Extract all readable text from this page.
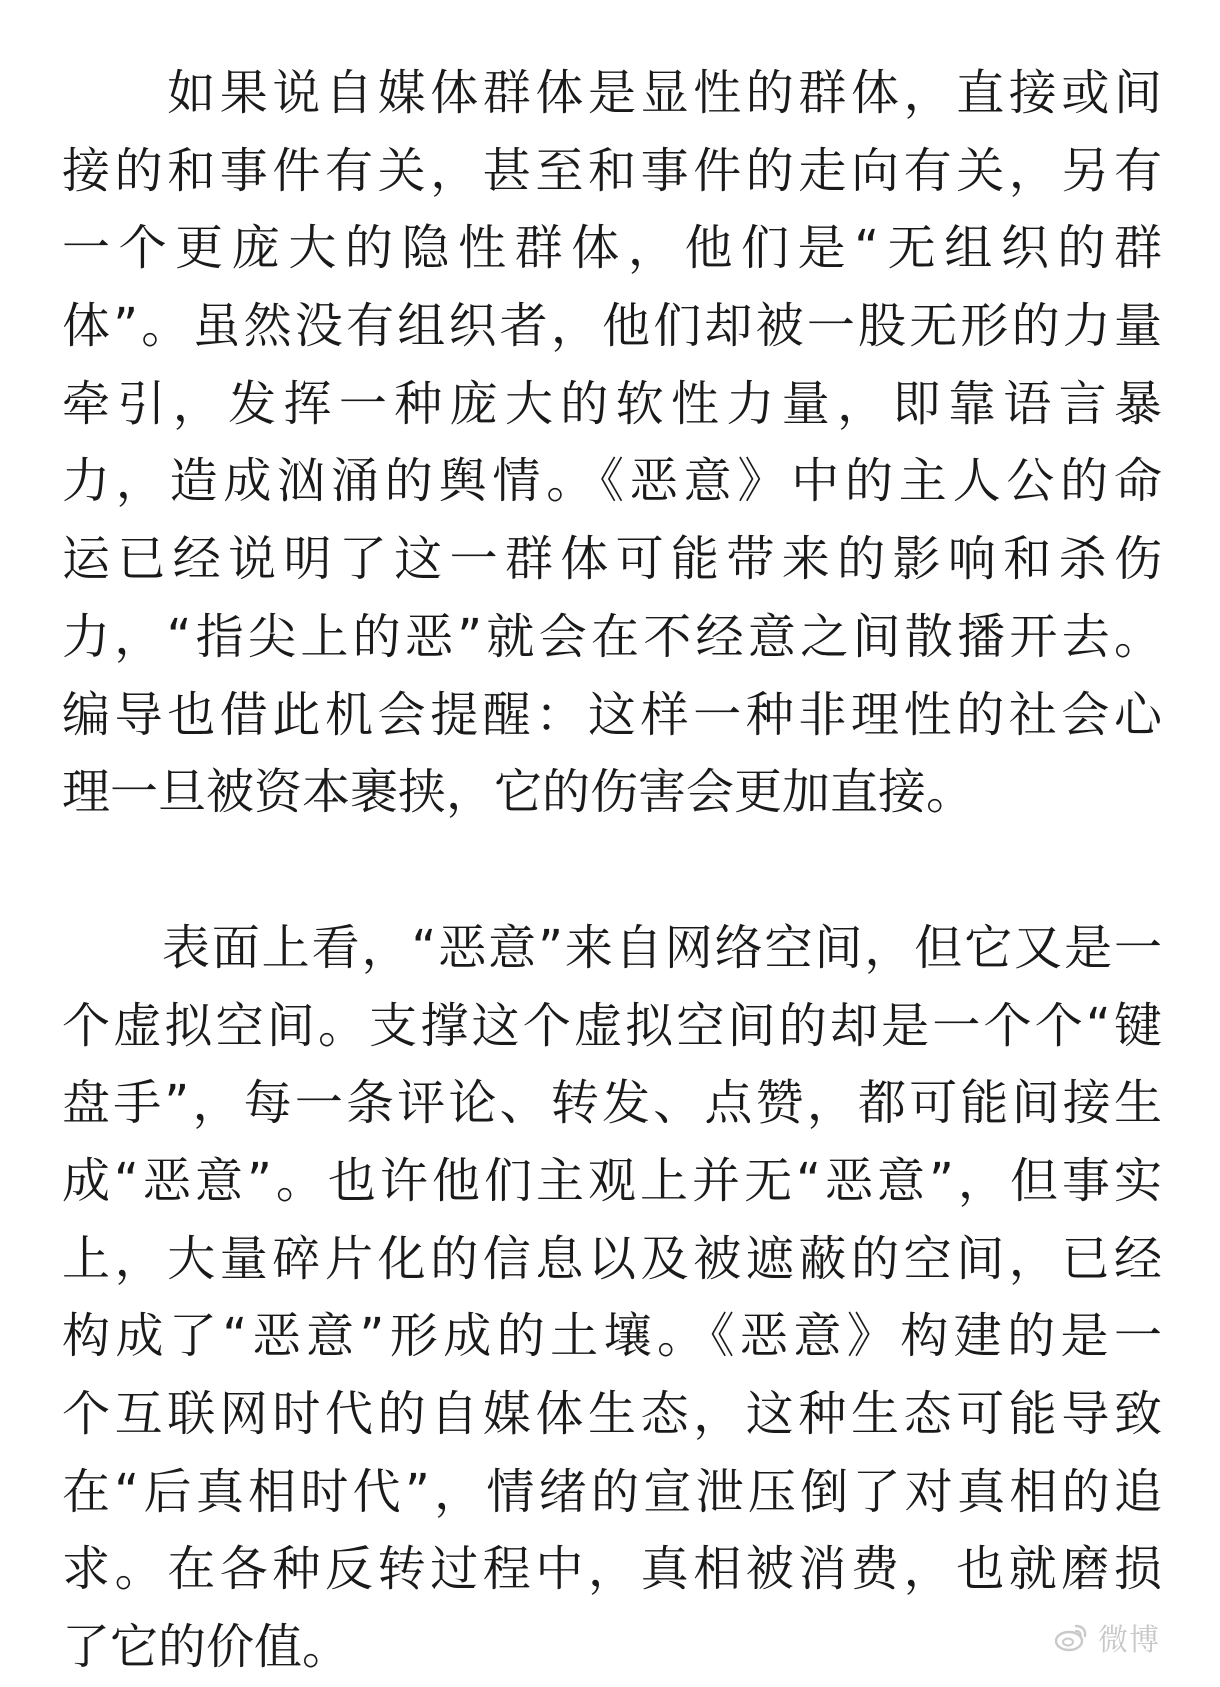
　　如果说自媒体群体是显性的群体，直接或间
接的和事件有关，甚至和事件的走向有关，另有
一个更庞大的隐性群体，他们是“无组织的群
体”。虽然没有组织者，他们却被一股无形的力量
牵引，发挥一种庞大的软性力量，即靠语言暴
力，造成汹涌的舆情。《恶意》中的主人公的命
运已经说明了这一群体可能带来的影响和杀伤
力，“指尖上的恶”就会在不经意之间散播开去。
编导也借此机会提醒：这样一种非理性的社会心
理一旦被资本裹挟，它的伤害会更加直接。
　　表面上看，“恶意”来自网络空间，但它又是一
个虚拟空间。支撑这个虚拟空间的却是一个个“键
盘手”，每一条评论、转发、点赞，都可能间接生
成“恶意”。也许他们主观上并无“恶意”，但事实
上，大量碎片化的信息以及被遮蔽的空间，已经
构成了“恶意”形成的土壤。《恶意》构建的是一
个互联网时代的自媒体生态，这种生态可能导致
在“后真相时代”，情绪的宣泄压倒了对真相的追
求。在各种反转过程中，真相被消费，也就磨损
了它的价值。	微博
